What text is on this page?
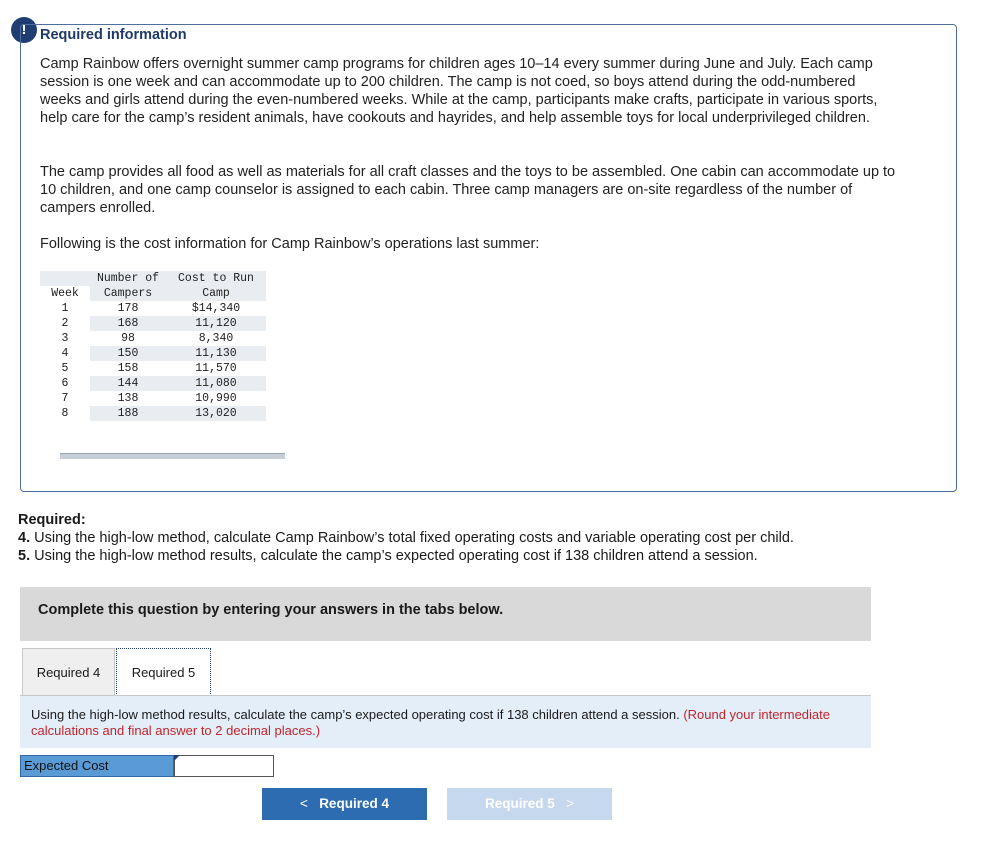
! Required information
Camp Rainbow offers overnight summer camp programs for children ages 10–14 every summer during June and July. Each camp session is one week and can accommodate up to 200 children. The camp is not coed, so boys attend during the odd-numbered weeks and girls attend during the even-numbered weeks. While at the camp, participants make crafts, participate in various sports, help care for the camp’s resident animals, have cookouts and hayrides, and help assemble toys for local underprivileged children.
The camp provides all food as well as materials for all craft classes and the toys to be assembled. One cabin can accommodate up to 10 children, and one camp counselor is assigned to each cabin. Three camp managers are on-site regardless of the number of campers enrolled.
Following is the cost information for Camp Rainbow’s operations last summer:
	Number of	Cost to Run
Week	Campers	Camp
1	178	$14,340
2	168	11,120
3	98	8,340
4	150	11,130
5	158	11,570
6	144	11,080
7	138	10,990
8	188	13,020
Required:
4. Using the high-low method, calculate Camp Rainbow’s total fixed operating costs and variable operating cost per child.
5. Using the high-low method results, calculate the camp’s expected operating cost if 138 children attend a session.
Complete this question by entering your answers in the tabs below.
Required 4	Required 5
Using the high-low method results, calculate the camp’s expected operating cost if 138 children attend a session. (Round your intermediate calculations and final answer to 2 decimal places.)
Expected Cost
< Required 4	Required 5 >
